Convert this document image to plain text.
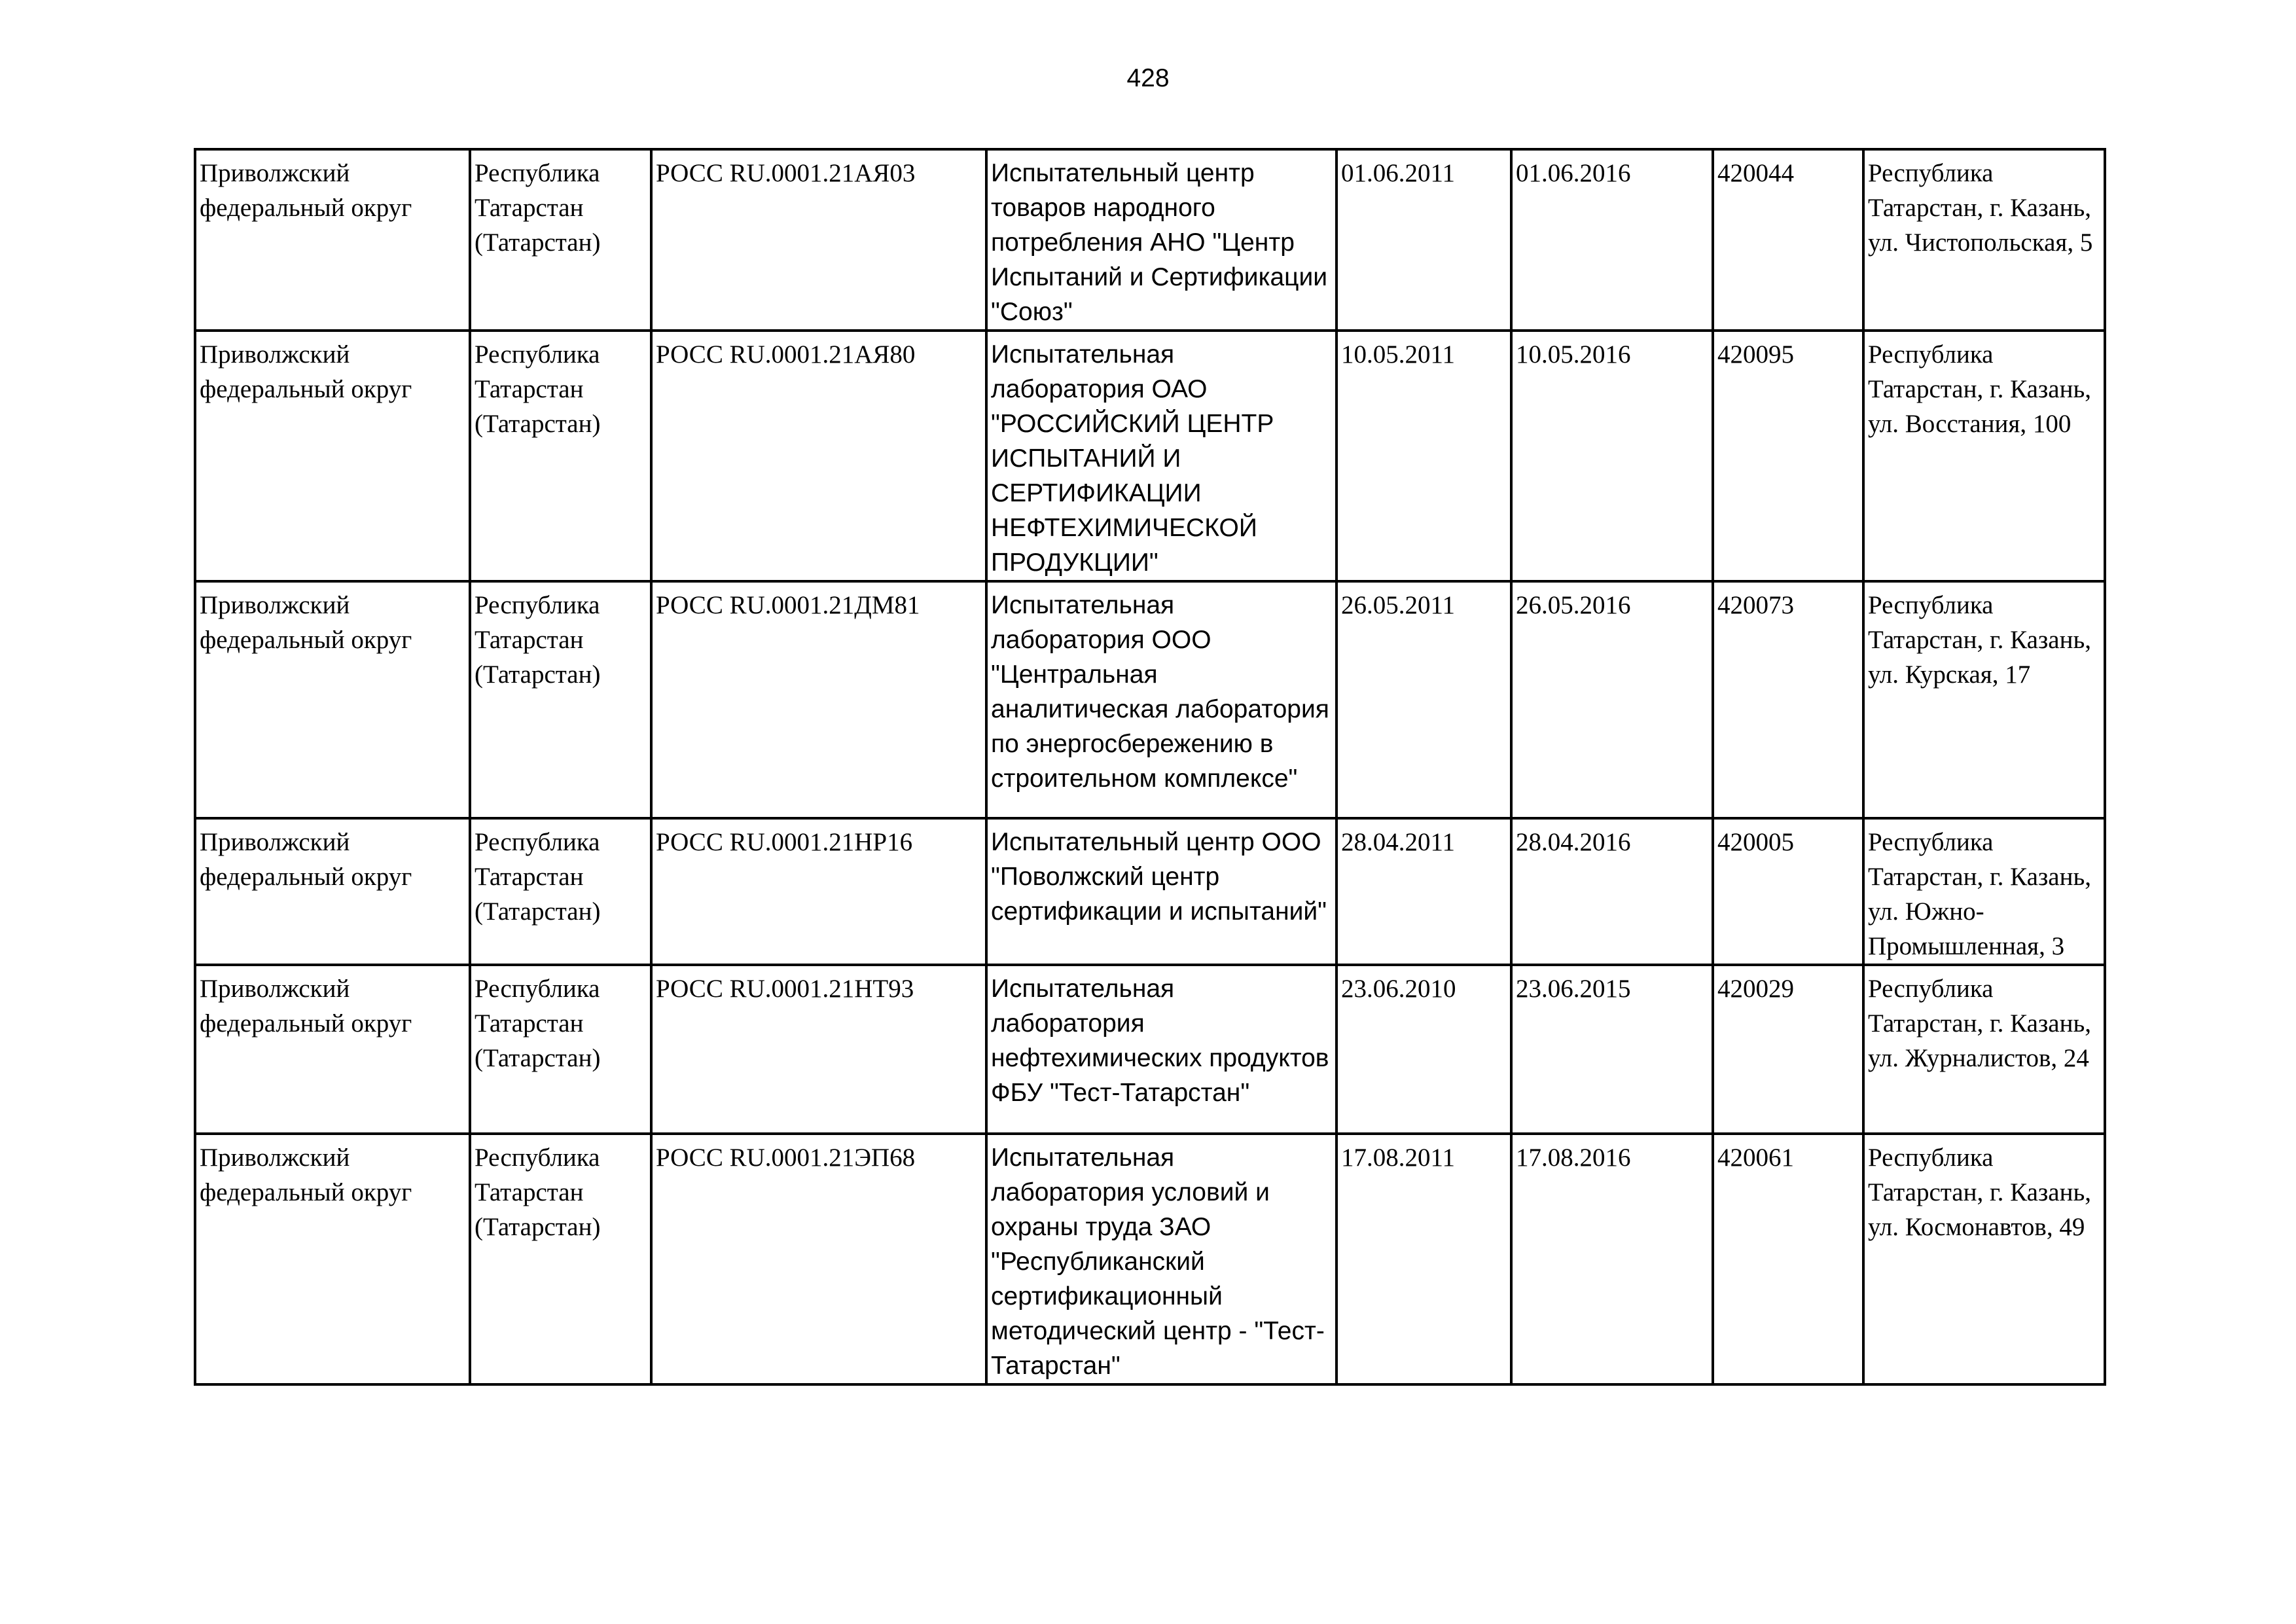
428
Приволжский федеральный округ	Республика Татарстан (Татарстан)	РОСС RU.0001.21АЯ03	Испытательный центр товаров народного потребления АНО "Центр Испытаний и Сертификации "Союз"	01.06.2011	01.06.2016	420044	Республика Татарстан, г. Казань, ул. Чистопольская, 5

Приволжский федеральный округ	Республика Татарстан (Татарстан)	РОСС RU.0001.21АЯ80	Испытательная лаборатория ОАО "РОССИЙСКИЙ ЦЕНТР ИСПЫТАНИЙ И СЕРТИФИКАЦИИ НЕФТЕХИМИЧЕСКОЙ ПРОДУКЦИИ"	10.05.2011	10.05.2016	420095	Республика Татарстан, г. Казань, ул. Восстания, 100

Приволжский федеральный округ	Республика Татарстан (Татарстан)	РОСС RU.0001.21ДМ81	Испытательная лаборатория ООО "Центральная аналитическая лаборатория по энергосбережению в строительном комплексе"	26.05.2011	26.05.2016	420073	Республика Татарстан, г. Казань, ул. Курская, 17

Приволжский федеральный округ	Республика Татарстан (Татарстан)	РОСС RU.0001.21НР16	Испытательный центр ООО "Поволжский центр сертификации и испытаний"	28.04.2011	28.04.2016	420005	Республика Татарстан, г. Казань, ул. Южно-Промышленная, 3

Приволжский федеральный округ	Республика Татарстан (Татарстан)	РОСС RU.0001.21НТ93	Испытательная лаборатория нефтехимических продуктов ФБУ "Тест-Татарстан"	23.06.2010	23.06.2015	420029	Республика Татарстан, г. Казань, ул. Журналистов, 24

Приволжский федеральный округ	Республика Татарстан (Татарстан)	РОСС RU.0001.21ЭП68	Испытательная лаборатория условий и охраны труда ЗАО "Республиканский сертификационный методический центр - "Тест-Татарстан"	17.08.2011	17.08.2016	420061	Республика Татарстан, г. Казань, ул. Космонавтов, 49
